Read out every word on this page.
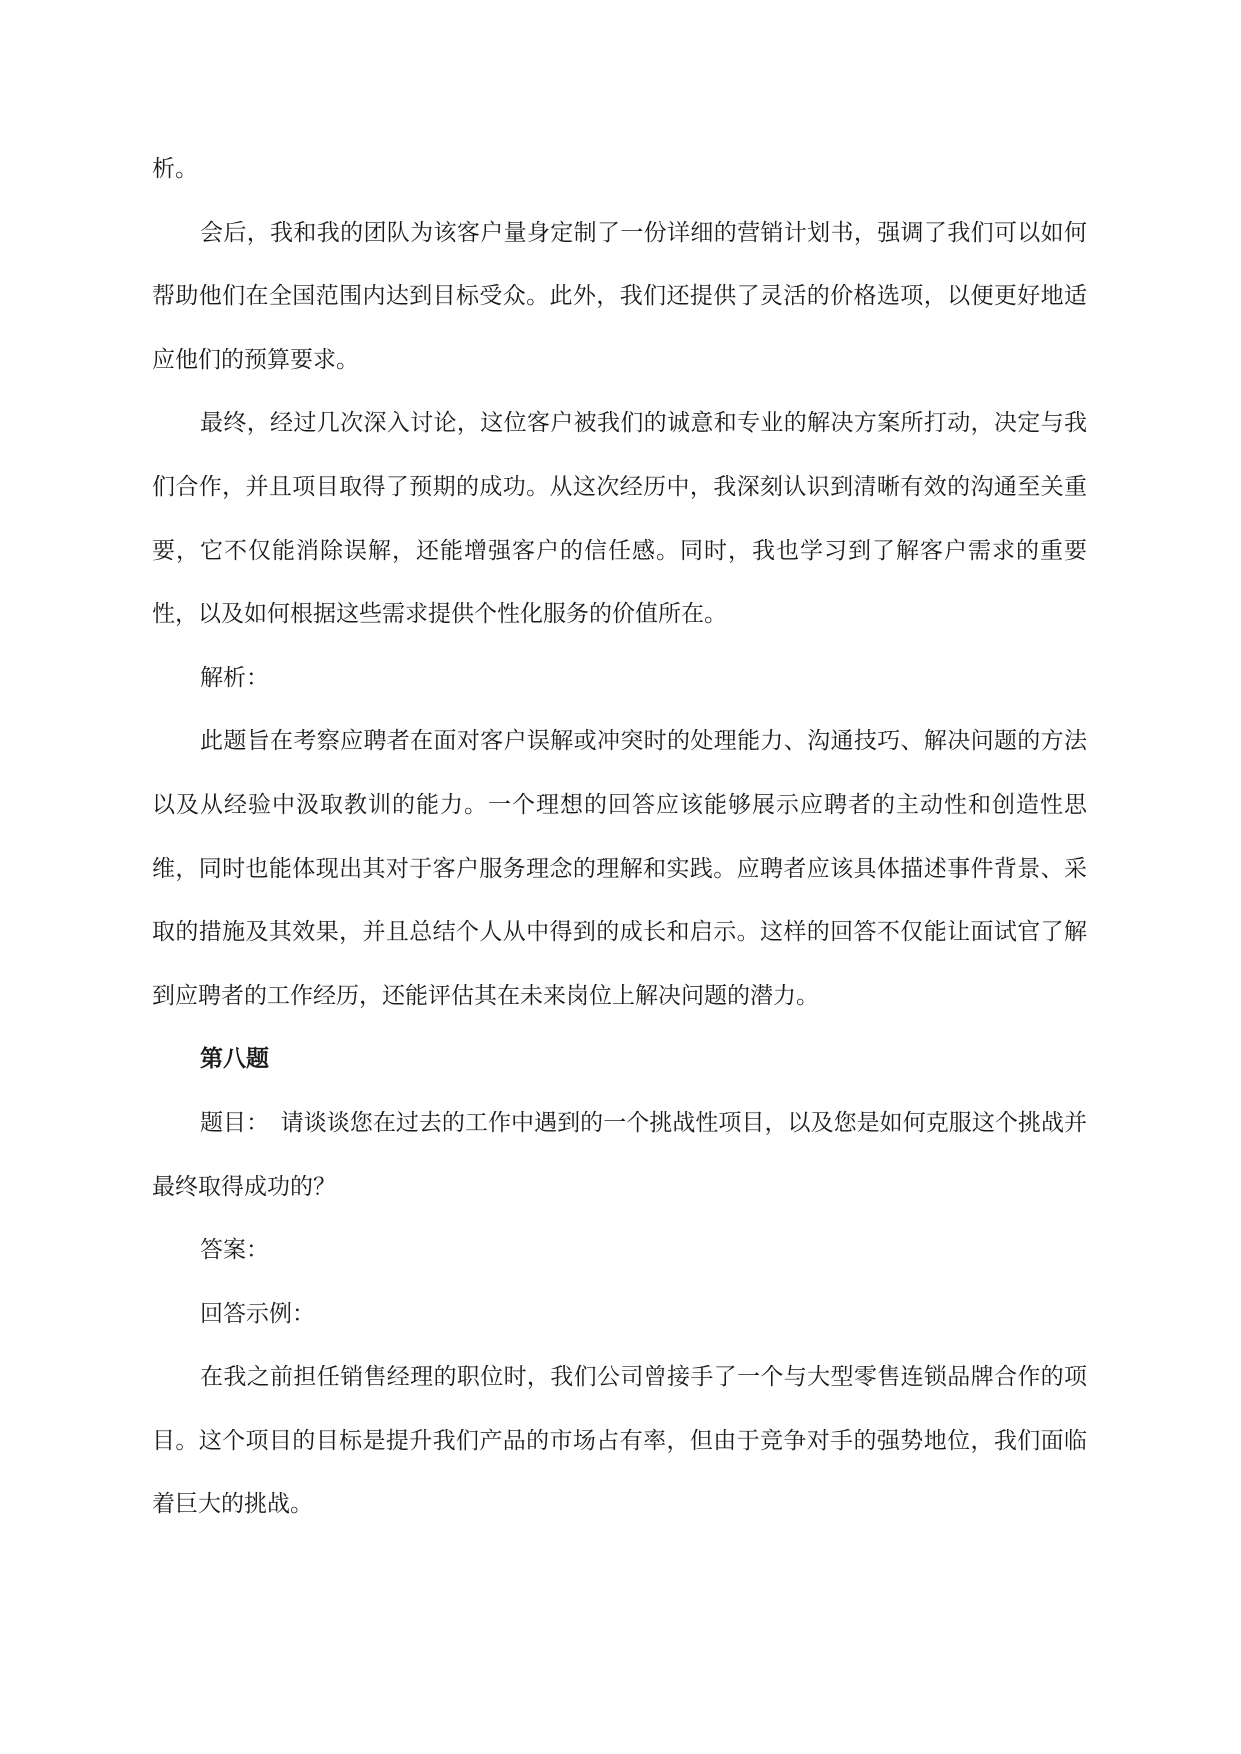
析。

会后，我和我的团队为该客户量身定制了一份详细的营销计划书，强调了我们可以如何帮助他们在全国范围内达到目标受众。此外，我们还提供了灵活的价格选项，以便更好地适应他们的预算要求。

最终，经过几次深入讨论，这位客户被我们的诚意和专业的解决方案所打动，决定与我们合作，并且项目取得了预期的成功。从这次经历中，我深刻认识到清晰有效的沟通至关重要，它不仅能消除误解，还能增强客户的信任感。同时，我也学习到了解客户需求的重要性，以及如何根据这些需求提供个性化服务的价值所在。

解析：

此题旨在考察应聘者在面对客户误解或冲突时的处理能力、沟通技巧、解决问题的方法以及从经验中汲取教训的能力。一个理想的回答应该能够展示应聘者的主动性和创造性思维，同时也能体现出其对于客户服务理念的理解和实践。应聘者应该具体描述事件背景、采取的措施及其效果，并且总结个人从中得到的成长和启示。这样的回答不仅能让面试官了解到应聘者的工作经历，还能评估其在未来岗位上解决问题的潜力。

第八题

题目：　请谈谈您在过去的工作中遇到的一个挑战性项目，以及您是如何克服这个挑战并最终取得成功的？

答案：

回答示例：

在我之前担任销售经理的职位时，我们公司曾接手了一个与大型零售连锁品牌合作的项目。这个项目的目标是提升我们产品的市场占有率，但由于竞争对手的强势地位，我们面临着巨大的挑战。
